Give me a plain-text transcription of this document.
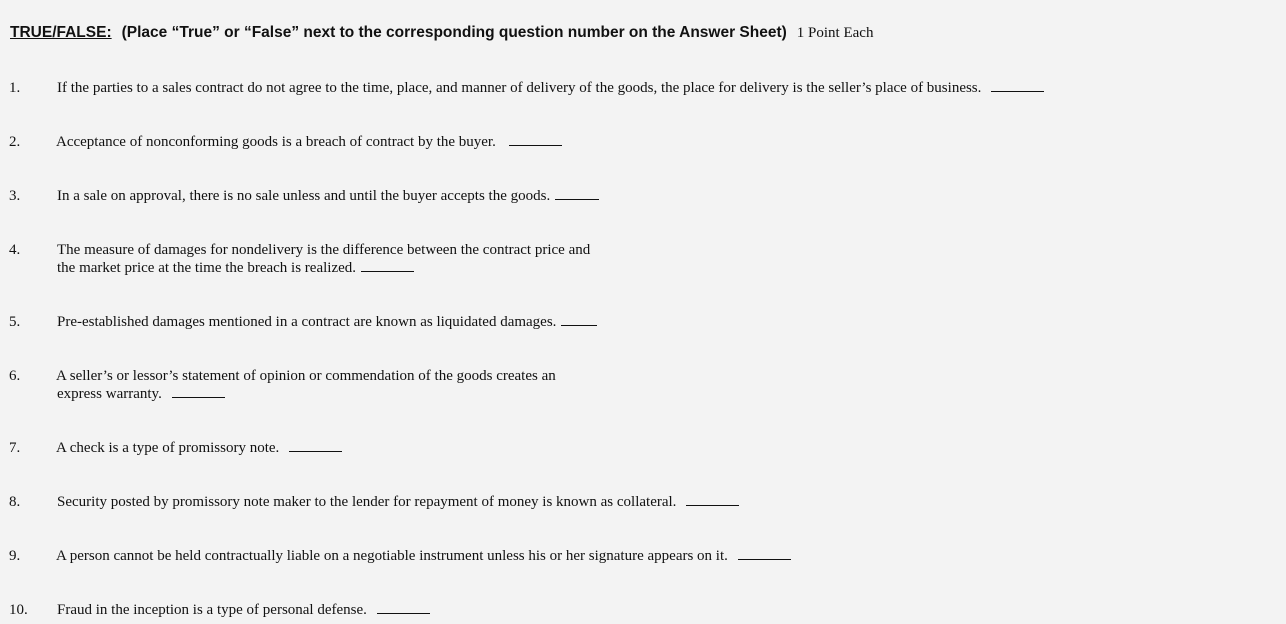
TRUE/FALSE: (Place “True” or “False” next to the corresponding question number on the Answer Sheet) 1 Point Each
1. If the parties to a sales contract do not agree to the time, place, and manner of delivery of the goods, the place for delivery is the seller’s place of business.
2. Acceptance of nonconforming goods is a breach of contract by the buyer.
3. In a sale on approval, there is no sale unless and until the buyer accepts the goods.
4. The measure of damages for nondelivery is the difference between the contract price and
the market price at the time the breach is realized.
5. Pre-established damages mentioned in a contract are known as liquidated damages.
6. A seller’s or lessor’s statement of opinion or commendation of the goods creates an
express warranty.
7. A check is a type of promissory note.
8. Security posted by promissory note maker to the lender for repayment of money is known as collateral.
9. A person cannot be held contractually liable on a negotiable instrument unless his or her signature appears on it.
10. Fraud in the inception is a type of personal defense.
